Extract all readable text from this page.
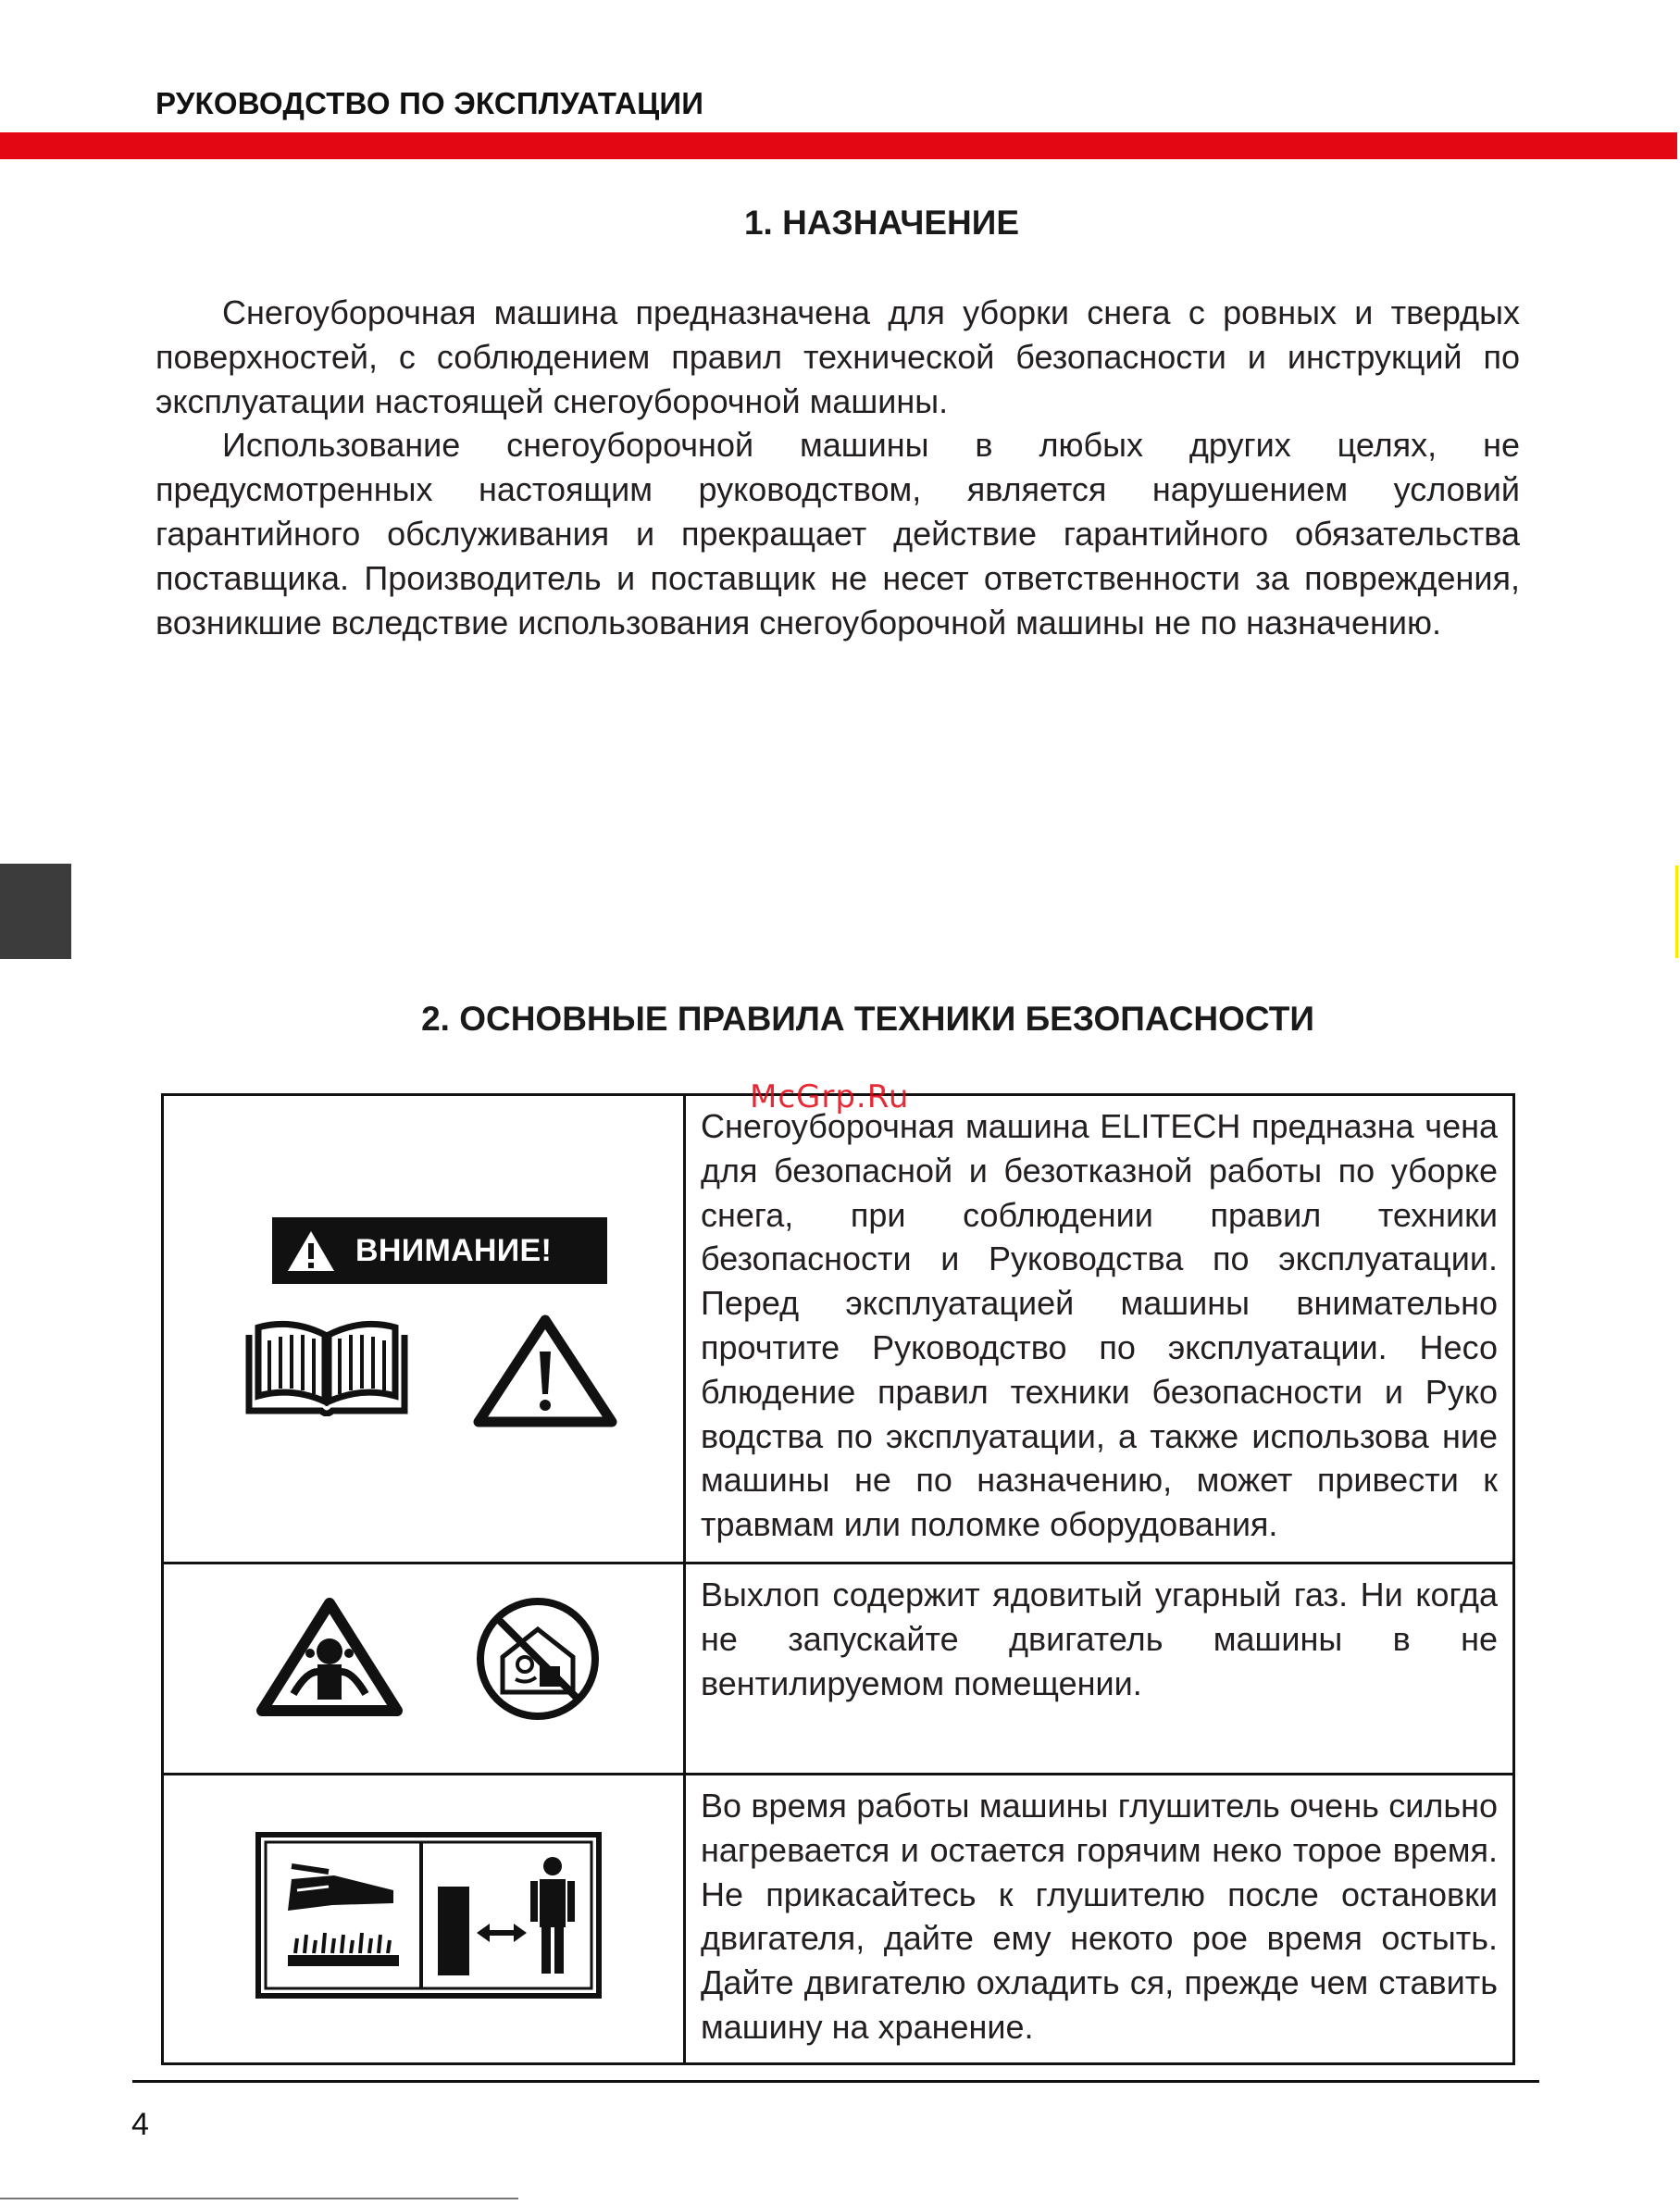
РУКОВОДСТВО ПО ЭКСПЛУАТАЦИИ
1. НАЗНАЧЕНИЕ

Снегоуборочная машина предназначена для уборки снега с ровных и твердых поверхностей, с соблюдением правил технической безопасности и инструкций по эксплуатации настоящей снегоуборочной машины.

Использование снегоуборочной машины в любых других целях, не предусмотренных настоящим руководством, является нарушением условий гарантийного обслуживания и прекращает действие гарантийного обязательства поставщика. Производитель и поставщик не несет ответственности за повреждения, возникшие вследствие использования снегоуборочной машины не по назначению.

2. ОСНОВНЫЕ ПРАВИЛА ТЕХНИКИ БЕЗОПАСНОСТИ
ВНИМАНИЕ!	Снегоуборочная машина ELITECH предназна чена для безопасной и безотказной работы по уборке снега, при соблюдении правил техники безопасности и Руководства по эксплуатации. Перед эксплуатацией машины внимательно прочтите Руководство по эксплуатации. Несо блюдение правил техники безопасности и Руко водства по эксплуатации, а также использова ние машины не по назначению, может привести к травмам или поломке оборудования.

	Выхлоп содержит ядовитый угарный газ. Ни когда не запускайте двигатель машины в не вентилируемом помещении.

	Во время работы машины глушитель очень сильно нагревается и остается горячим неко торое время. Не прикасайтесь к глушителю после остановки двигателя, дайте ему некото рое время остыть. Дайте двигателю охладить ся, прежде чем ставить машину на хранение.
McGrp.Ru
4
